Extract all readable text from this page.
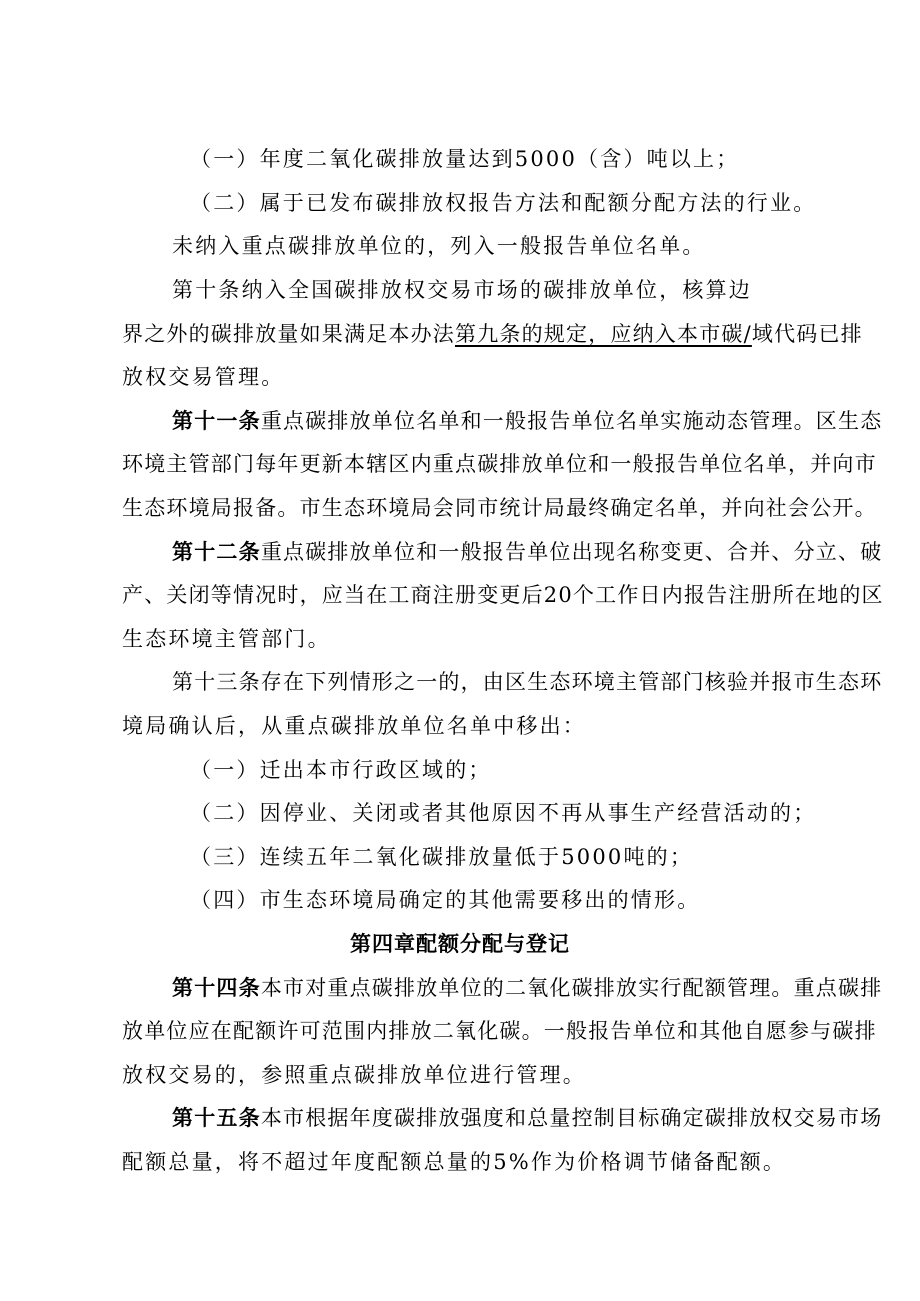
（一）年度二氧化碳排放量达到5000（含）吨以上；
（二）属于已发布碳排放权报告方法和配额分配方法的行业。
未纳入重点碳排放单位的，列入一般报告单位名单。
第十条纳入全国碳排放权交易市场的碳排放单位，核算边
界之外的碳排放量如果满足本办法第九条的规定，应纳入本市碳/域代码已排
放权交易管理。
第十一条重点碳排放单位名单和一般报告单位名单实施动态管理。区生态
环境主管部门每年更新本辖区内重点碳排放单位和一般报告单位名单，并向市
生态环境局报备。市生态环境局会同市统计局最终确定名单，并向社会公开。
第十二条重点碳排放单位和一般报告单位出现名称变更、合并、分立、破
产、关闭等情况时，应当在工商注册变更后20个工作日内报告注册所在地的区
生态环境主管部门。
第十三条存在下列情形之一的，由区生态环境主管部门核验并报市生态环
境局确认后，从重点碳排放单位名单中移出：
（一）迁出本市行政区域的；
（二）因停业、关闭或者其他原因不再从事生产经营活动的；
（三）连续五年二氧化碳排放量低于5000吨的；
（四）市生态环境局确定的其他需要移出的情形。
第四章配额分配与登记
第十四条本市对重点碳排放单位的二氧化碳排放实行配额管理。重点碳排
放单位应在配额许可范围内排放二氧化碳。一般报告单位和其他自愿参与碳排
放权交易的，参照重点碳排放单位进行管理。
第十五条本市根据年度碳排放强度和总量控制目标确定碳排放权交易市场
配额总量，将不超过年度配额总量的5%作为价格调节储备配额。
